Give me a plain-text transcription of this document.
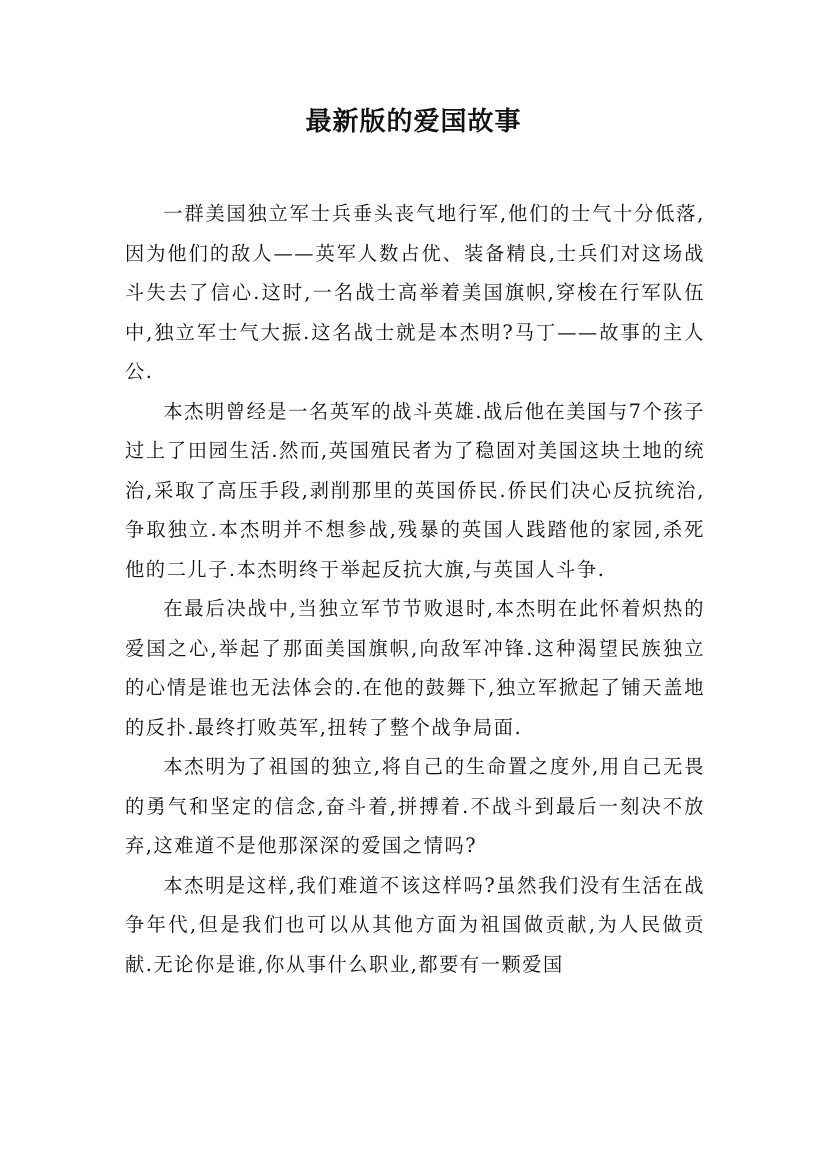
最新版的爱国故事

一群美国独立军士兵垂头丧气地行军,他们的士气十分低落,因为他们的敌人——英军人数占优、装备精良,士兵们对这场战斗失去了信心.这时,一名战士高举着美国旗帜,穿梭在行军队伍中,独立军士气大振.这名战士就是本杰明?马丁——故事的主人公.

本杰明曾经是一名英军的战斗英雄.战后他在美国与7个孩子过上了田园生活.然而,英国殖民者为了稳固对美国这块土地的统治,采取了高压手段,剥削那里的英国侨民.侨民们决心反抗统治,争取独立.本杰明并不想参战,残暴的英国人践踏他的家园,杀死他的二儿子.本杰明终于举起反抗大旗,与英国人斗争.

在最后决战中,当独立军节节败退时,本杰明在此怀着炽热的爱国之心,举起了那面美国旗帜,向敌军冲锋.这种渴望民族独立的心情是谁也无法体会的.在他的鼓舞下,独立军掀起了铺天盖地的反扑.最终打败英军,扭转了整个战争局面.

本杰明为了祖国的独立,将自己的生命置之度外,用自己无畏的勇气和坚定的信念,奋斗着,拼搏着.不战斗到最后一刻决不放弃,这难道不是他那深深的爱国之情吗?

本杰明是这样,我们难道不该这样吗?虽然我们没有生活在战争年代,但是我们也可以从其他方面为祖国做贡献,为人民做贡献.无论你是谁,你从事什么职业,都要有一颗爱国
